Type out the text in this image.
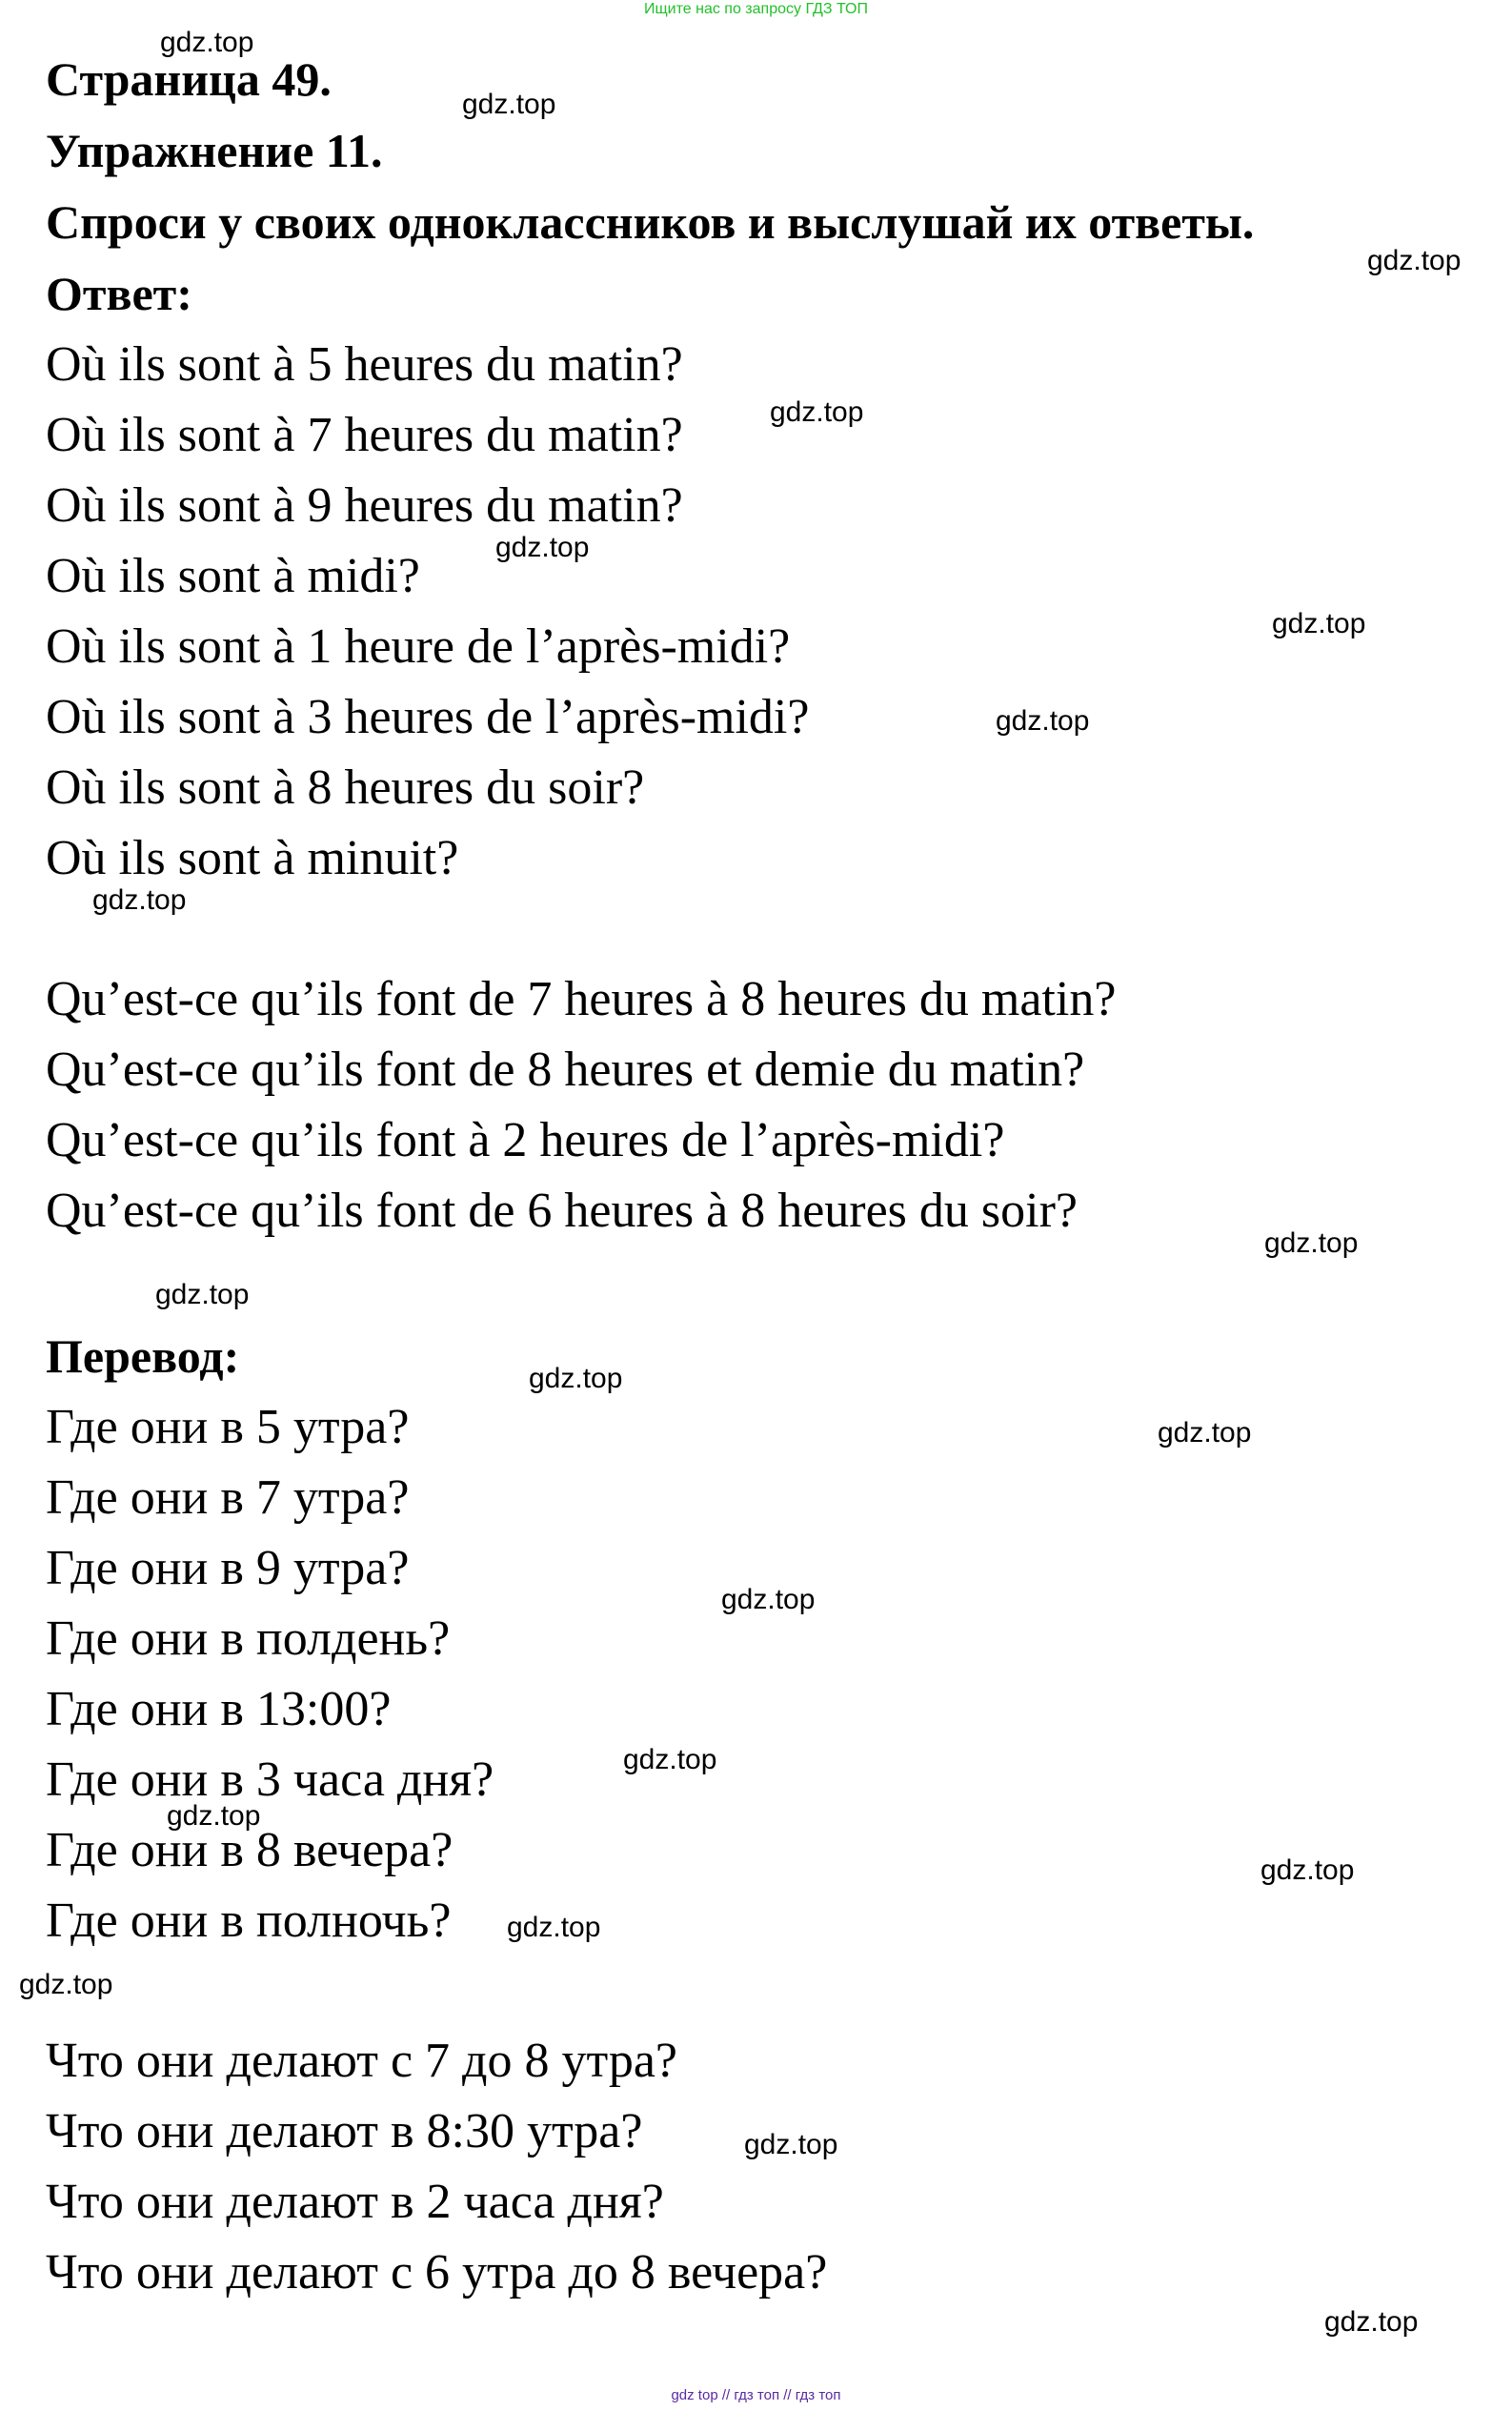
Ищите нас по запросу ГДЗ ТОП
Страница 49.
Упражнение 11.
Спроси у своих одноклассников и выслушай их ответы.
Ответ:
Où ils sont à 5 heures du matin?
Où ils sont à 7 heures du matin?
Où ils sont à 9 heures du matin?
Où ils sont à midi?
Où ils sont à 1 heure de l’après-midi?
Où ils sont à 3 heures de l’après-midi?
Où ils sont à 8 heures du soir?
Où ils sont à minuit?
Qu’est-ce qu’ils font de 7 heures à 8 heures du matin?
Qu’est-ce qu’ils font de 8 heures et demie du matin?
Qu’est-ce qu’ils font à 2 heures de l’après-midi?
Qu’est-ce qu’ils font de 6 heures à 8 heures du soir?
Перевод:
Где они в 5 утра?
Где они в 7 утра?
Где они в 9 утра?
Где они в полдень?
Где они в 13:00?
Где они в 3 часа дня?
Где они в 8 вечера?
Где они в полночь?
Что они делают с 7 до 8 утра?
Что они делают в 8:30 утра?
Что они делают в 2 часа дня?
Что они делают с 6 утра до 8 вечера?
gdz.top
gdz.top
gdz.top
gdz.top
gdz.top
gdz.top
gdz.top
gdz.top
gdz.top
gdz.top
gdz.top
gdz.top
gdz.top
gdz.top
gdz.top
gdz.top
gdz.top
gdz.top
gdz.top
gdz.top
gdz top // гдз топ // гдз топ
